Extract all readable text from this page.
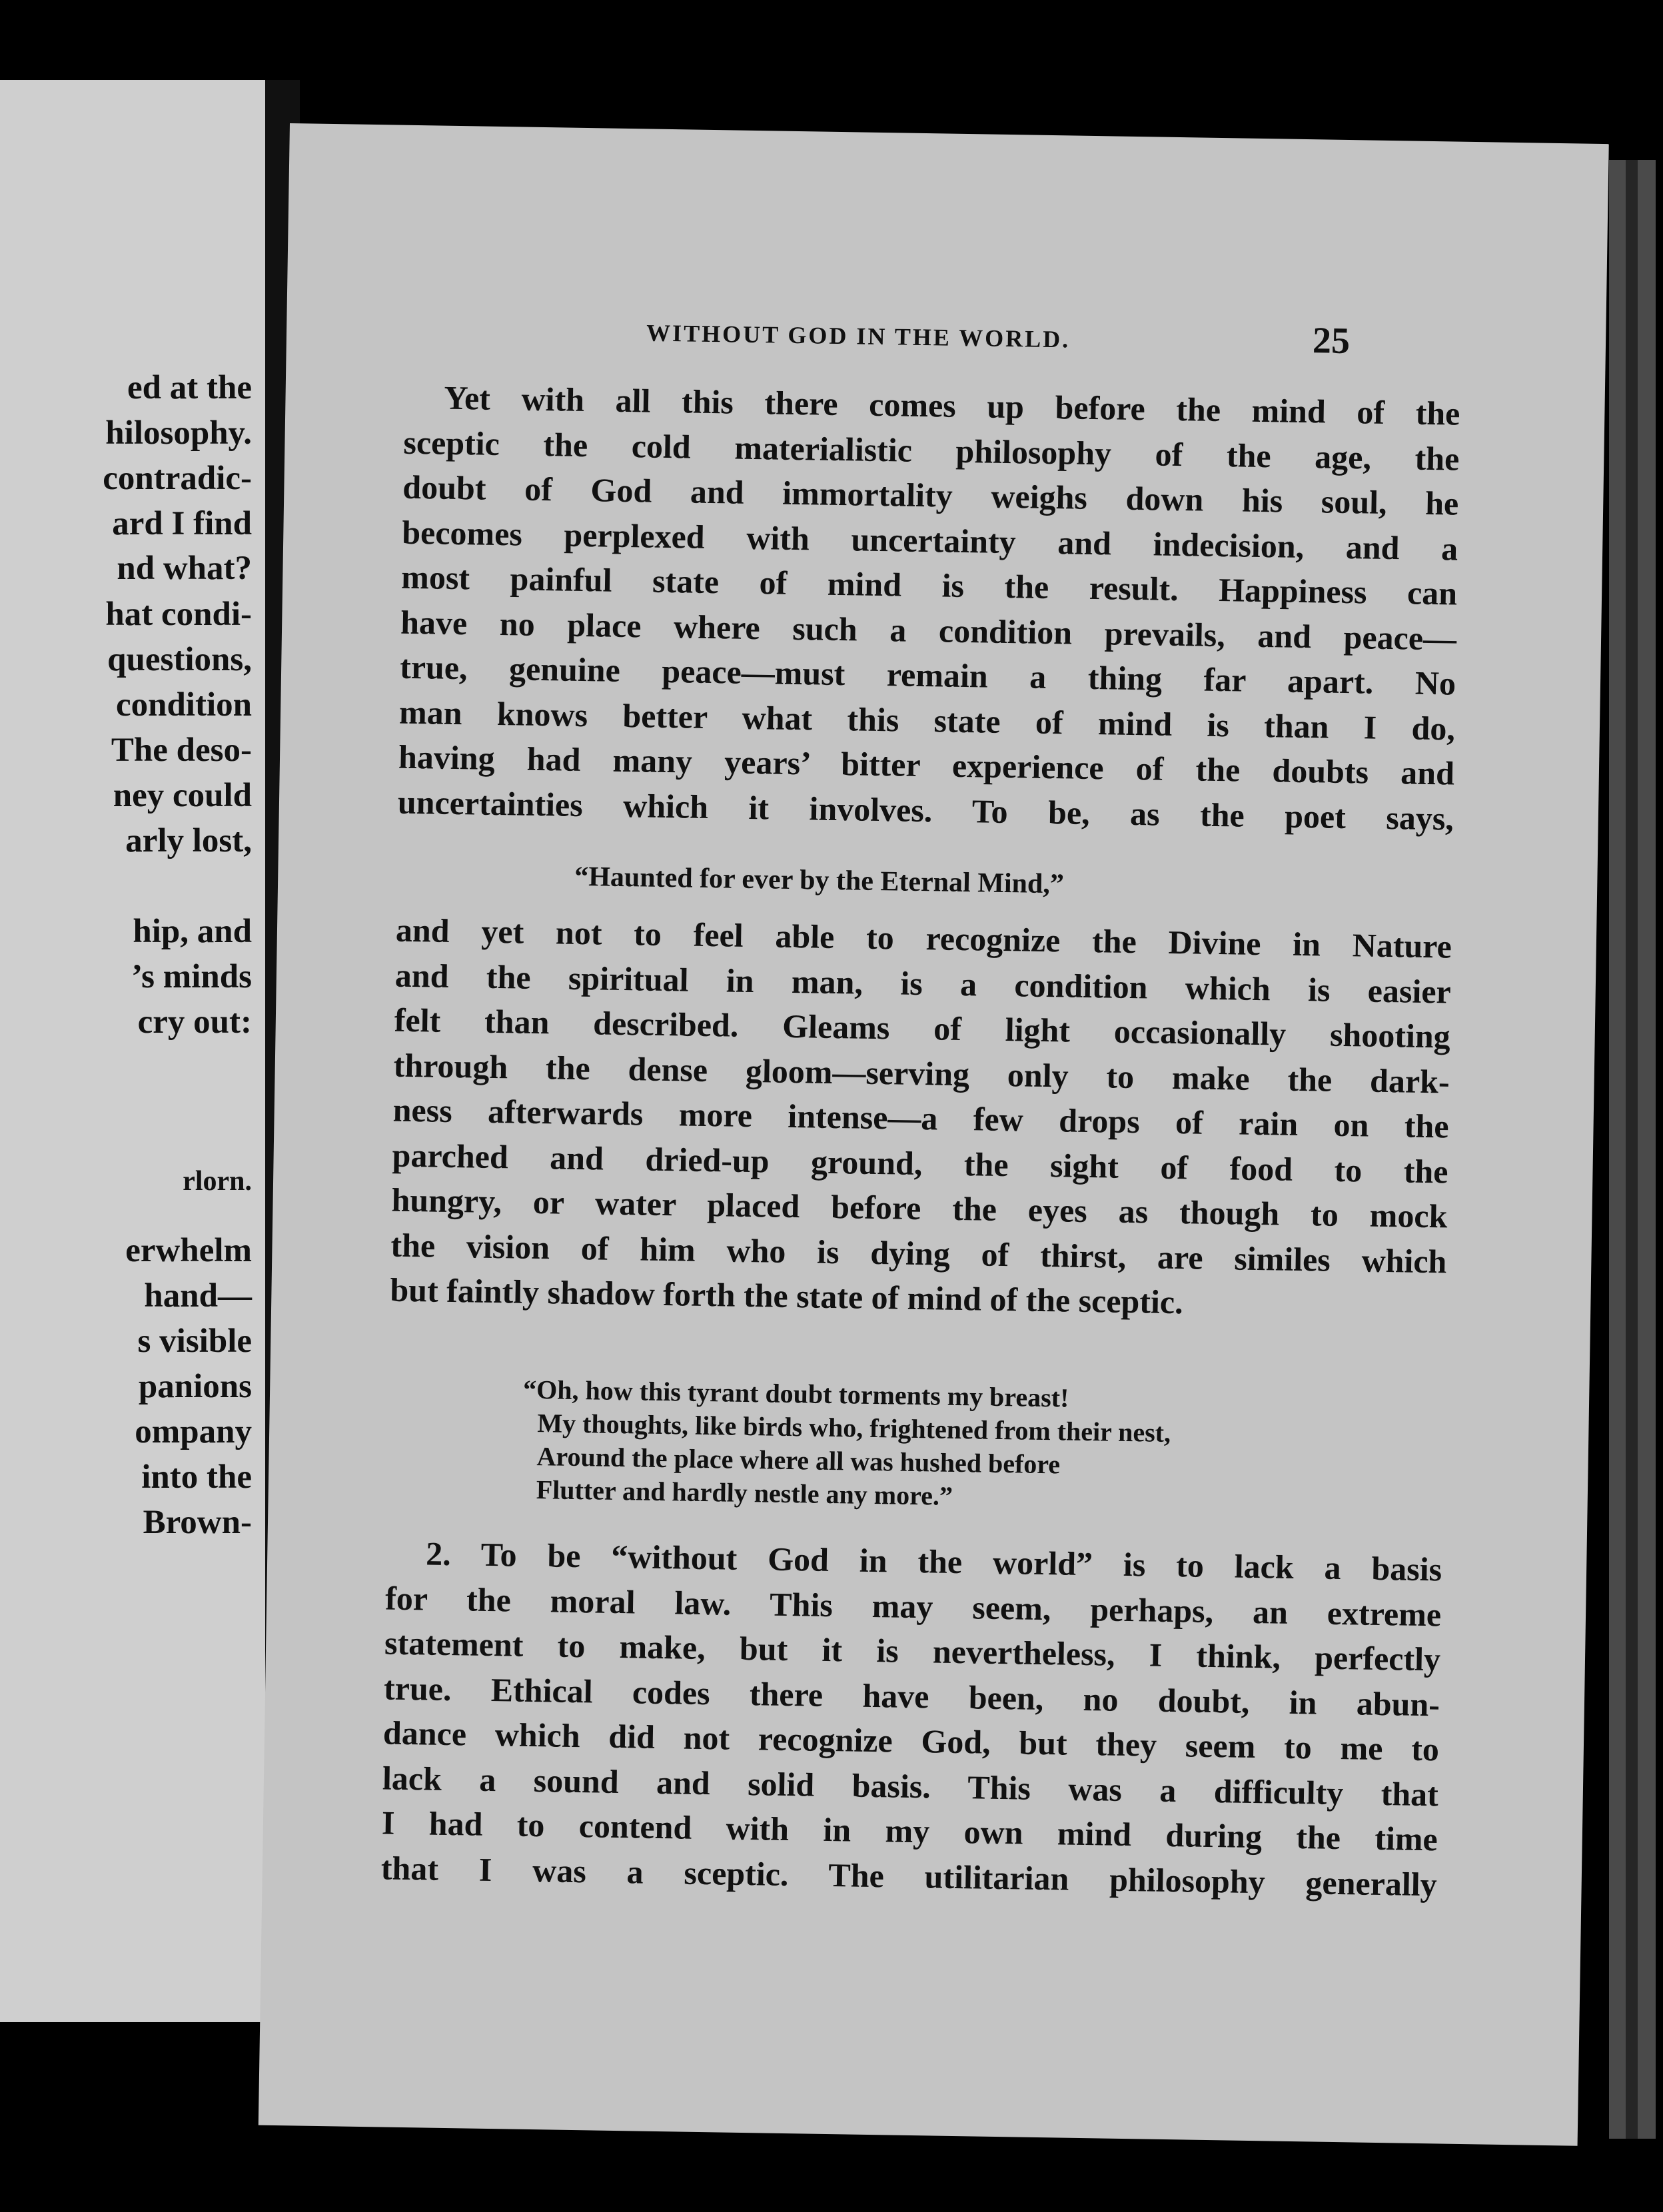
ed at the

hilosophy.

contradic-

ard I find

nd what?

hat condi-

questions,

condition

The deso-

ney could

arly lost,

hip, and

’s minds

cry out:

rlorn.

erwhelm

hand—

s visible

panions

ompany

into the

Brown-

WITHOUT GOD IN THE WORLD.	25

Yet with all this there comes up before the mind of the
sceptic the cold materialistic philosophy of the age, the
doubt of God and immortality weighs down his soul, he
becomes perplexed with uncertainty and indecision, and a
most painful state of mind is the result. Happiness can
have no place where such a condition prevails, and peace—
true, genuine peace—must remain a thing far apart. No
man knows better what this state of mind is than I do,
having had many years’ bitter experience of the doubts and
uncertainties which it involves. To be, as the poet says,

“Haunted for ever by the Eternal Mind,”

and yet not to feel able to recognize the Divine in Nature
and the spiritual in man, is a condition which is easier
felt than described. Gleams of light occasionally shooting
through the dense gloom—serving only to make the dark-
ness afterwards more intense—a few drops of rain on the
parched and dried-up ground, the sight of food to the
hungry, or water placed before the eyes as though to mock
the vision of him who is dying of thirst, are similes which
but faintly shadow forth the state of mind of the sceptic.
“Oh, how this tyrant doubt torments my breast!
My thoughts, like birds who, frightened from their nest,
Around the place where all was hushed before
Flutter and hardly nestle any more.”
2. To be “without God in the world” is to lack a basis
for the moral law. This may seem, perhaps, an extreme
statement to make, but it is nevertheless, I think, perfectly
true. Ethical codes there have been, no doubt, in abun-
dance which did not recognize God, but they seem to me to
lack a sound and solid basis. This was a difficulty that
I had to contend with in my own mind during the time
that I was a sceptic. The utilitarian philosophy generally
